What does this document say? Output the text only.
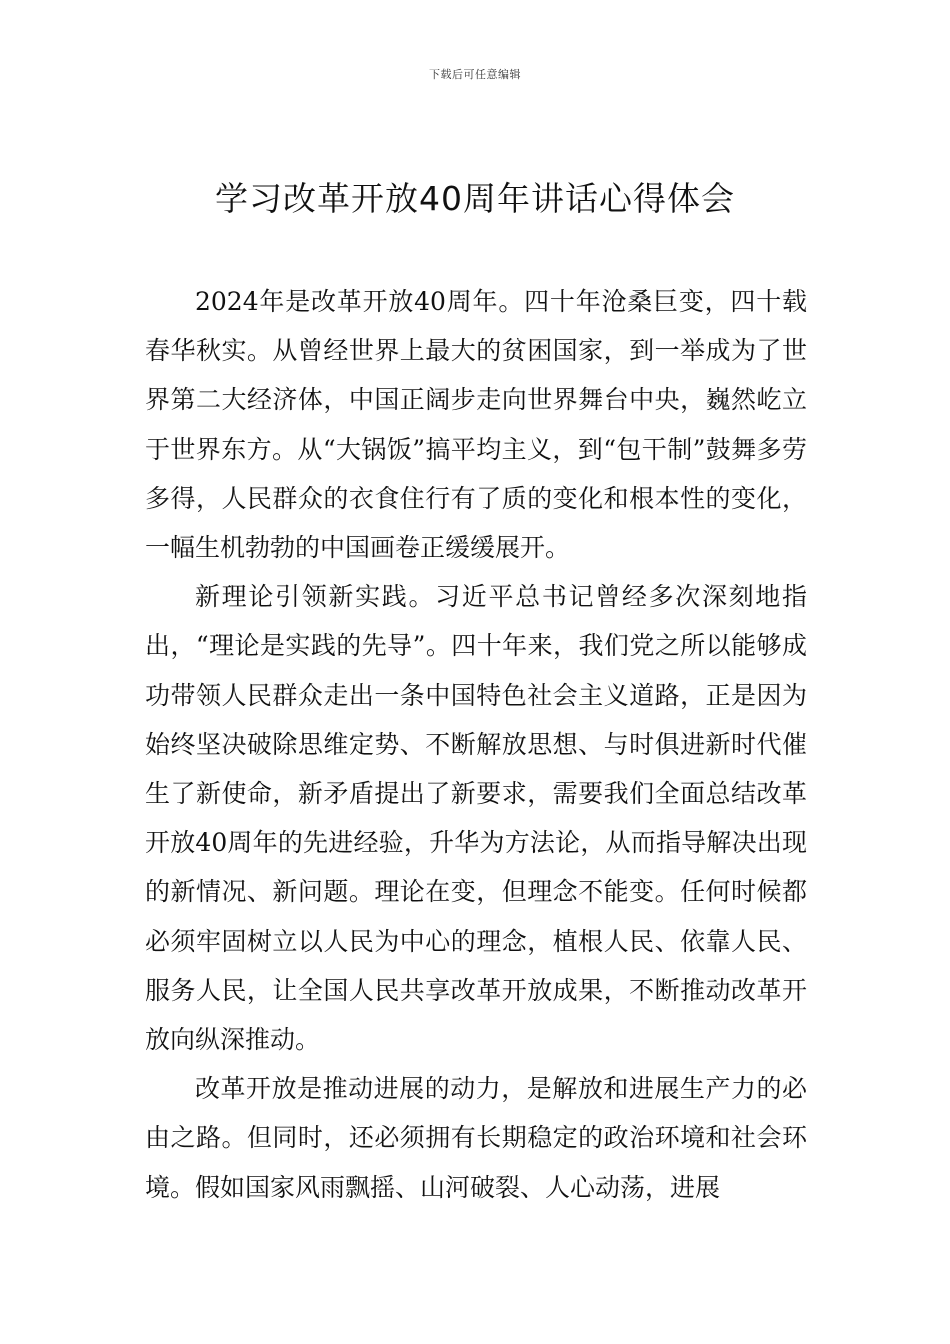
下载后可任意编辑
学习改革开放40周年讲话心得体会

2024年是改革开放40周年。四十年沧桑巨变，四十载春华秋实。从曾经世界上最大的贫困国家，到一举成为了世界第二大经济体，中国正阔步走向世界舞台中央，巍然屹立于世界东方。从“大锅饭”搞平均主义，到“包干制”鼓舞多劳多得，人民群众的衣食住行有了质的变化和根本性的变化，一幅生机勃勃的中国画卷正缓缓展开。

新理论引领新实践。习近平总书记曾经多次深刻地指出，“理论是实践的先导”。四十年来，我们党之所以能够成功带领人民群众走出一条中国特色社会主义道路，正是因为始终坚决破除思维定势、不断解放思想、与时俱进新时代催生了新使命，新矛盾提出了新要求，需要我们全面总结改革开放40周年的先进经验，升华为方法论，从而指导解决出现的新情况、新问题。理论在变，但理念不能变。任何时候都必须牢固树立以人民为中心的理念，植根人民、依靠人民、服务人民，让全国人民共享改革开放成果，不断推动改革开放向纵深推动。

改革开放是推动进展的动力，是解放和进展生产力的必由之路。但同时，还必须拥有长期稳定的政治环境和社会环境。假如国家风雨飘摇、山河破裂、人心动荡，进展
